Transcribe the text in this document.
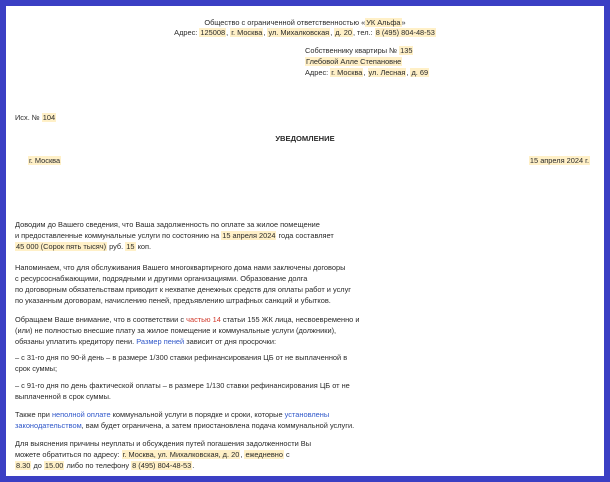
Общество с ограниченной ответственностью «УК Альфа»
Адрес: 125008, г. Москва, ул. Михалковская, д. 20, тел.: 8 (495) 804-48-53
Собственнику квартиры № 135
Глебовой Алле Степановне
Адрес: г. Москва, ул. Лесная, д. 69
Исх. № 104
УВЕДОМЛЕНИЕ
г. Москва	15 апреля 2024 г.
Доводим до Вашего сведения, что Ваша задолженность по оплате за жилое помещение
и предоставленные коммунальные услуги по состоянию на 15 апреля 2024 года составляет
45 000 (Сорок пять тысяч) руб. 15 коп.
Напоминаем, что для обслуживания Вашего многоквартирного дома нами заключены договоры
с ресурсоснабжающими, подрядными и другими организациями. Образование долга
по договорным обязательствам приводит к нехватке денежных средств для оплаты работ и услуг
по указанным договорам, начислению пеней, предъявлению штрафных санкций и убытков.
Обращаем Ваше внимание, что в соответствии с частью 14 статьи 155 ЖК лица, несвоевременно и
(или) не полностью внесшие плату за жилое помещение и коммунальные услуги (должники),
обязаны уплатить кредитору пени. Размер пеней зависит от дня просрочки:
– с 31-го дня по 90-й день – в размере 1/300 ставки рефинансирования ЦБ от не выплаченной в
срок суммы;
– с 91-го дня по день фактической оплаты – в размере 1/130 ставки рефинансирования ЦБ от не
выплаченной в срок суммы.
Также при неполной оплате коммунальной услуги в порядке и сроки, которые установлены
законодательством, вам будет ограничена, а затем приостановлена подача коммунальной услуги.
Для выяснения причины неуплаты и обсуждения путей погашения задолженности Вы
можете обратиться по адресу: г. Москва, ул. Михалковская, д. 20, ежедневно с
8.30 до 15.00 либо по телефону 8 (495) 804-48-53.
